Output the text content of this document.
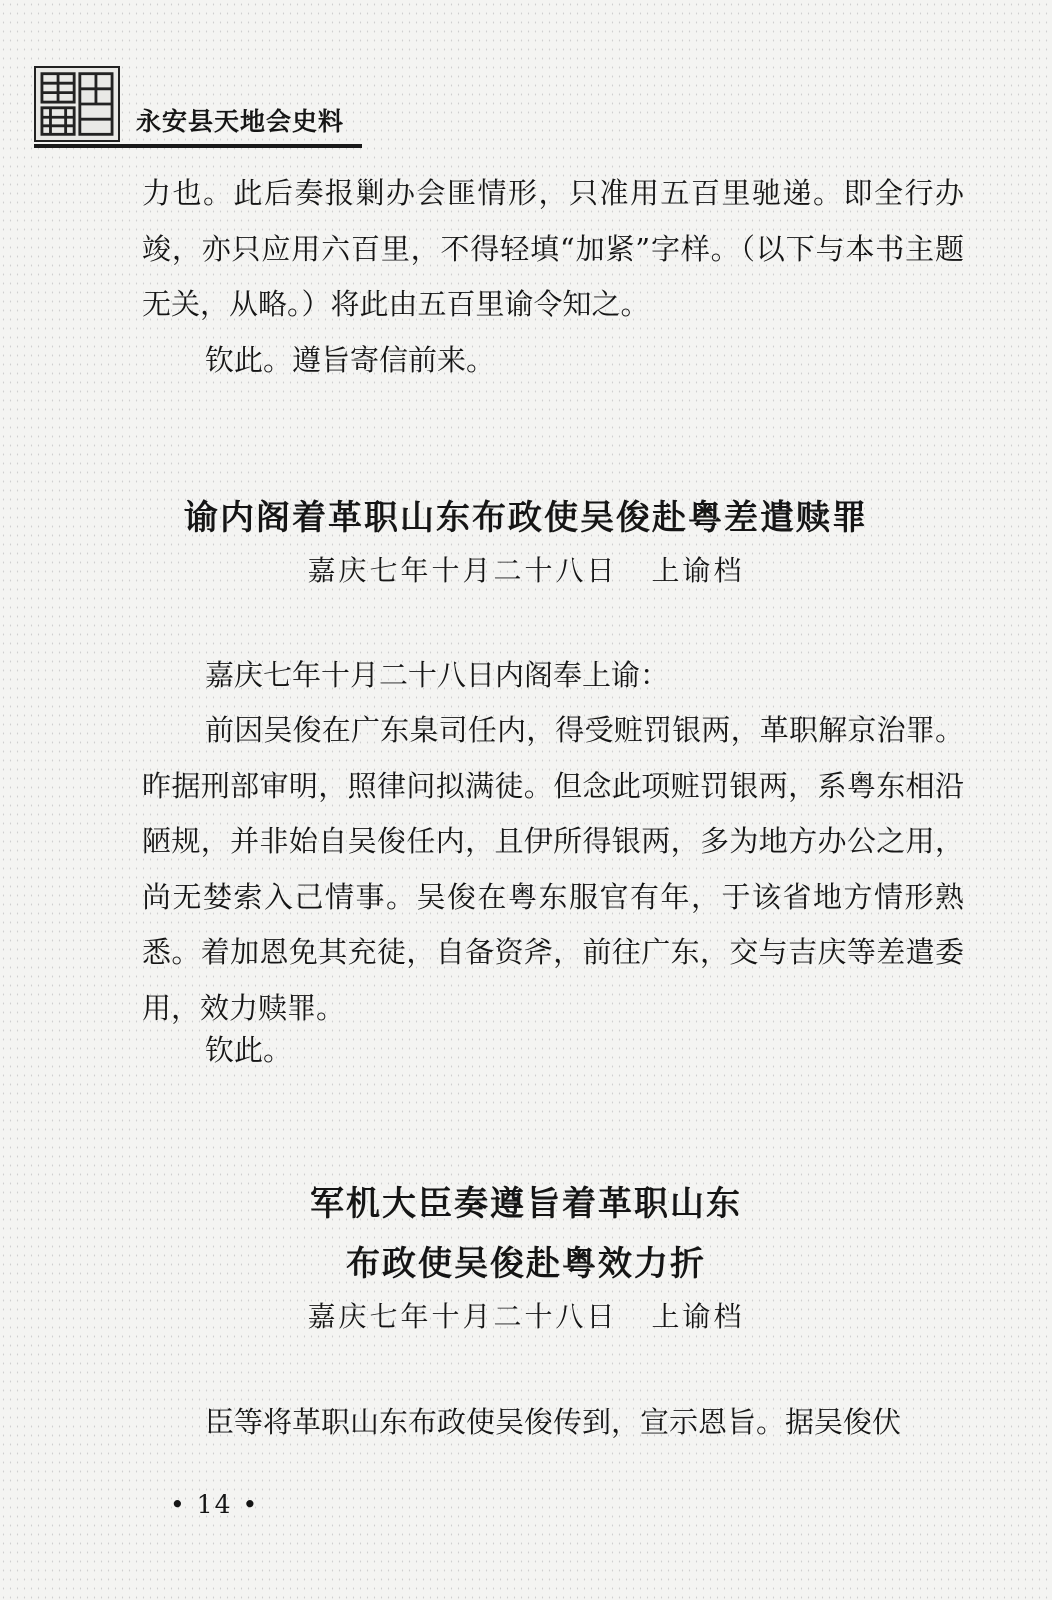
永安县天地会史料

力也。此后奏报剿办会匪情形，只准用五百里驰递。即全行办竣，亦只应用六百里，不得轻填“加紧”字样。（以下与本书主题无关，从略。）将此由五百里谕令知之。

钦此。遵旨寄信前来。

谕内阁着革职山东布政使吴俊赴粤差遣赎罪

嘉庆七年十月二十八日 上谕档

嘉庆七年十月二十八日内阁奉上谕：

前因吴俊在广东臬司任内，得受赃罚银两，革职解京治罪。昨据刑部审明，照律问拟满徒。但念此项赃罚银两，系粤东相沿陋规，并非始自吴俊任内，且伊所得银两，多为地方办公之用，尚无婪索入己情事。吴俊在粤东服官有年，于该省地方情形熟悉。着加恩免其充徒，自备资斧，前往广东，交与吉庆等差遣委用，效力赎罪。

钦此。

军机大臣奏遵旨着革职山东
布政使吴俊赴粤效力折

嘉庆七年十月二十八日 上谕档

臣等将革职山东布政使吴俊传到，宣示恩旨。据吴俊伏

• 14 •
